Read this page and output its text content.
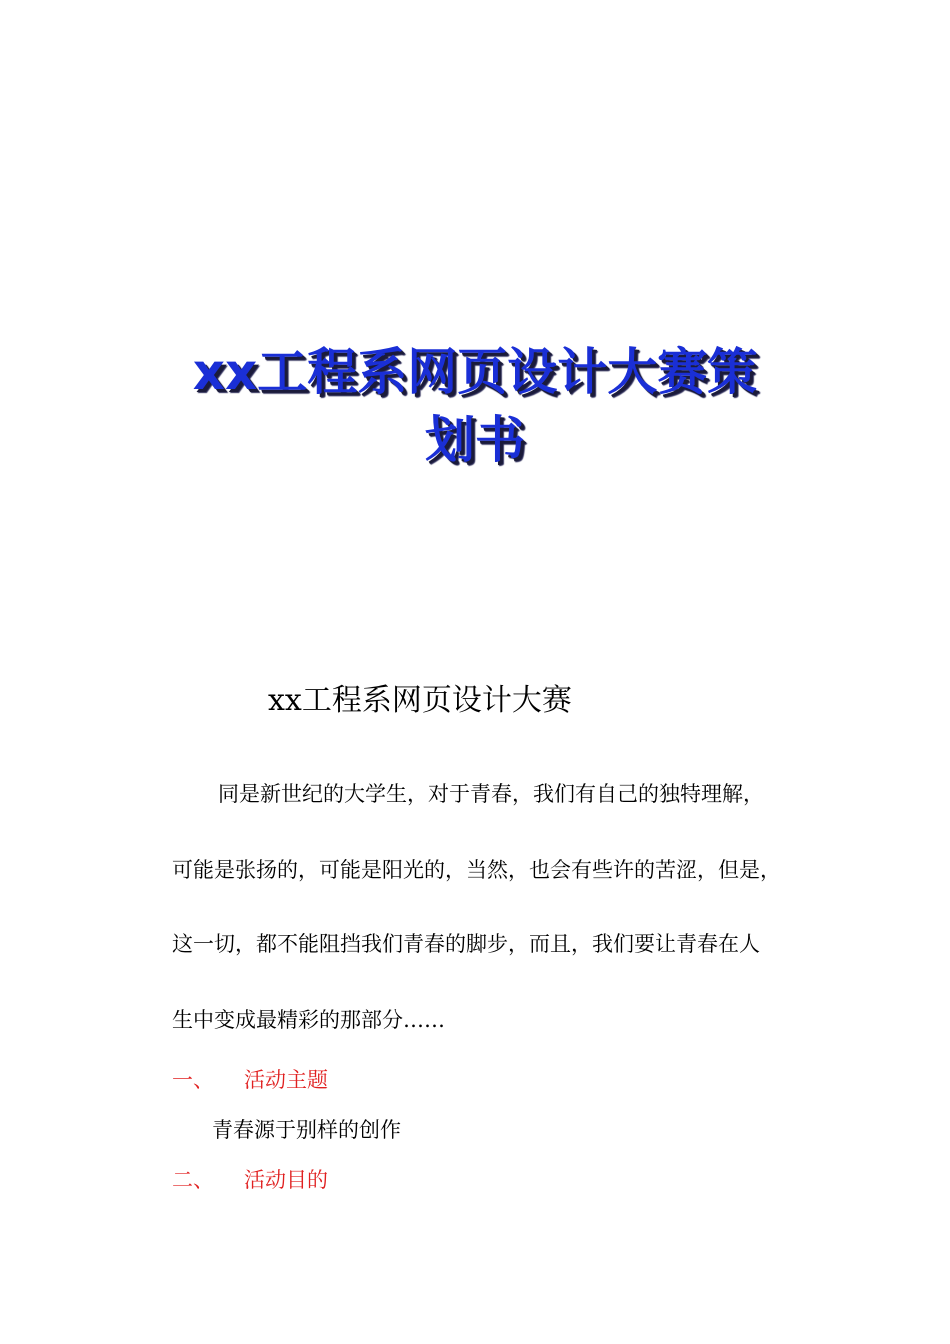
xx工程系网页设计大赛策
划书
xx工程系网页设计大赛
同是新世纪的大学生，对于青春，我们有自己的独特理解，
可能是张扬的，可能是阳光的，当然，也会有些许的苦涩，但是，
这一切，都不能阻挡我们青春的脚步，而且，我们要让青春在人
生中变成最精彩的那部分……
一、 活动主题
青春源于别样的创作
二、 活动目的
